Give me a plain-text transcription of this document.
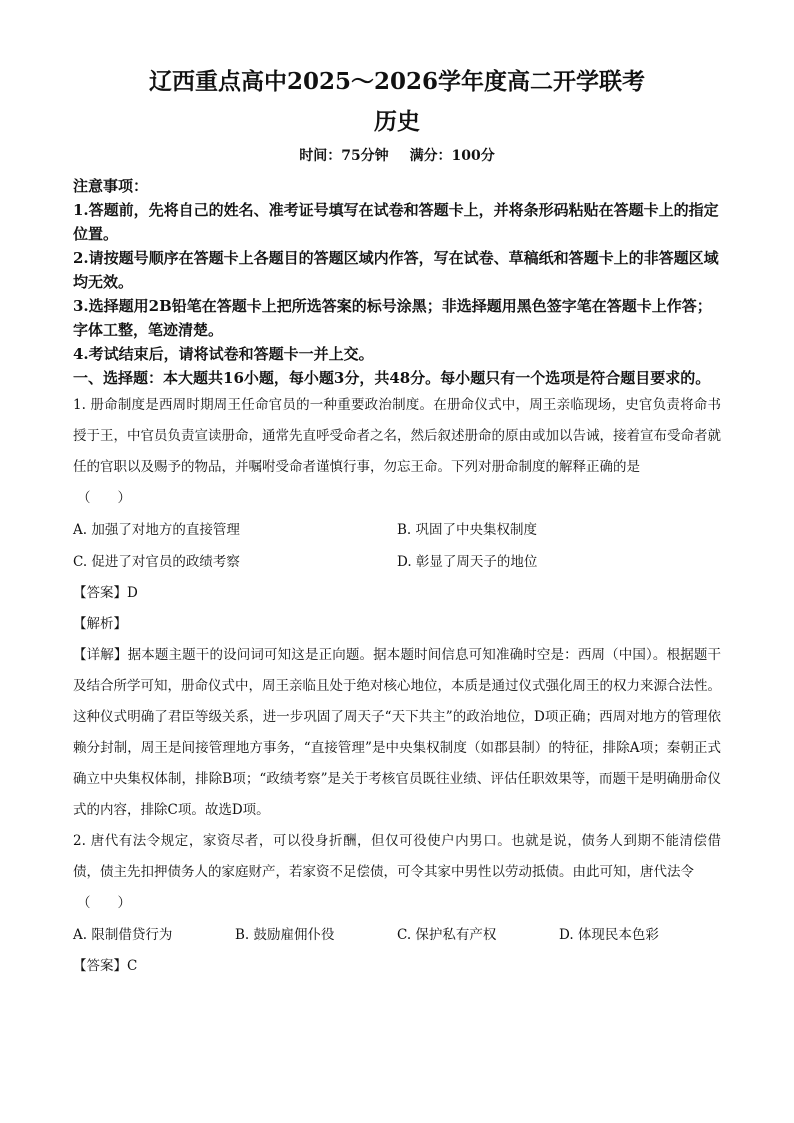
辽西重点高中2025～2026学年度高二开学联考
历史
时间：75分钟 满分：100分
注意事项：
1.答题前，先将自己的姓名、准考证号填写在试卷和答题卡上，并将条形码粘贴在答题卡上的指定位置。
2.请按题号顺序在答题卡上各题目的答题区域内作答，写在试卷、草稿纸和答题卡上的非答题区域均无效。
3.选择题用2B铅笔在答题卡上把所选答案的标号涂黑；非选择题用黑色签字笔在答题卡上作答；字体工整，笔迹清楚。
4.考试结束后，请将试卷和答题卡一并上交。
一、选择题：本大题共16小题，每小题3分，共48分。每小题只有一个选项是符合题目要求的。

1. 册命制度是西周时期周王任命官员的一种重要政治制度。在册命仪式中，周王亲临现场，史官负责将命书授于王，中官员负责宣读册命，通常先直呼受命者之名，然后叙述册命的原由或加以告诫，接着宣布受命者就任的官职以及赐予的物品，并嘱咐受命者谨慎行事，勿忘王命。下列对册命制度的解释正确的是

（　　）
A. 加强了对地方的直接管理	B. 巩固了中央集权制度
C. 促进了对官员的政绩考察	D. 彰显了周天子的地位
【答案】D
【解析】

【详解】据本题主题干的设问词可知这是正向题。据本题时间信息可知准确时空是：西周（中国）。根据题干及结合所学可知，册命仪式中，周王亲临且处于绝对核心地位，本质是通过仪式强化周王的权力来源合法性。这种仪式明确了君臣等级关系，进一步巩固了周天子“天下共主”的政治地位，D项正确；西周对地方的管理依赖分封制，周王是间接管理地方事务，“直接管理”是中央集权制度（如郡县制）的特征，排除A项；秦朝正式确立中央集权体制，排除B项；“政绩考察”是关于考核官员既往业绩、评估任职效果等，而题干是明确册命仪式的内容，排除C项。故选D项。

2. 唐代有法令规定，家资尽者，可以役身折酬，但仅可役使户内男口。也就是说，债务人到期不能清偿借债，债主先扣押债务人的家庭财产，若家资不足偿债，可令其家中男性以劳动抵债。由此可知，唐代法令

（　　）
A. 限制借贷行为	B. 鼓励雇佣仆役	C. 保护私有产权	D. 体现民本色彩
【答案】C
